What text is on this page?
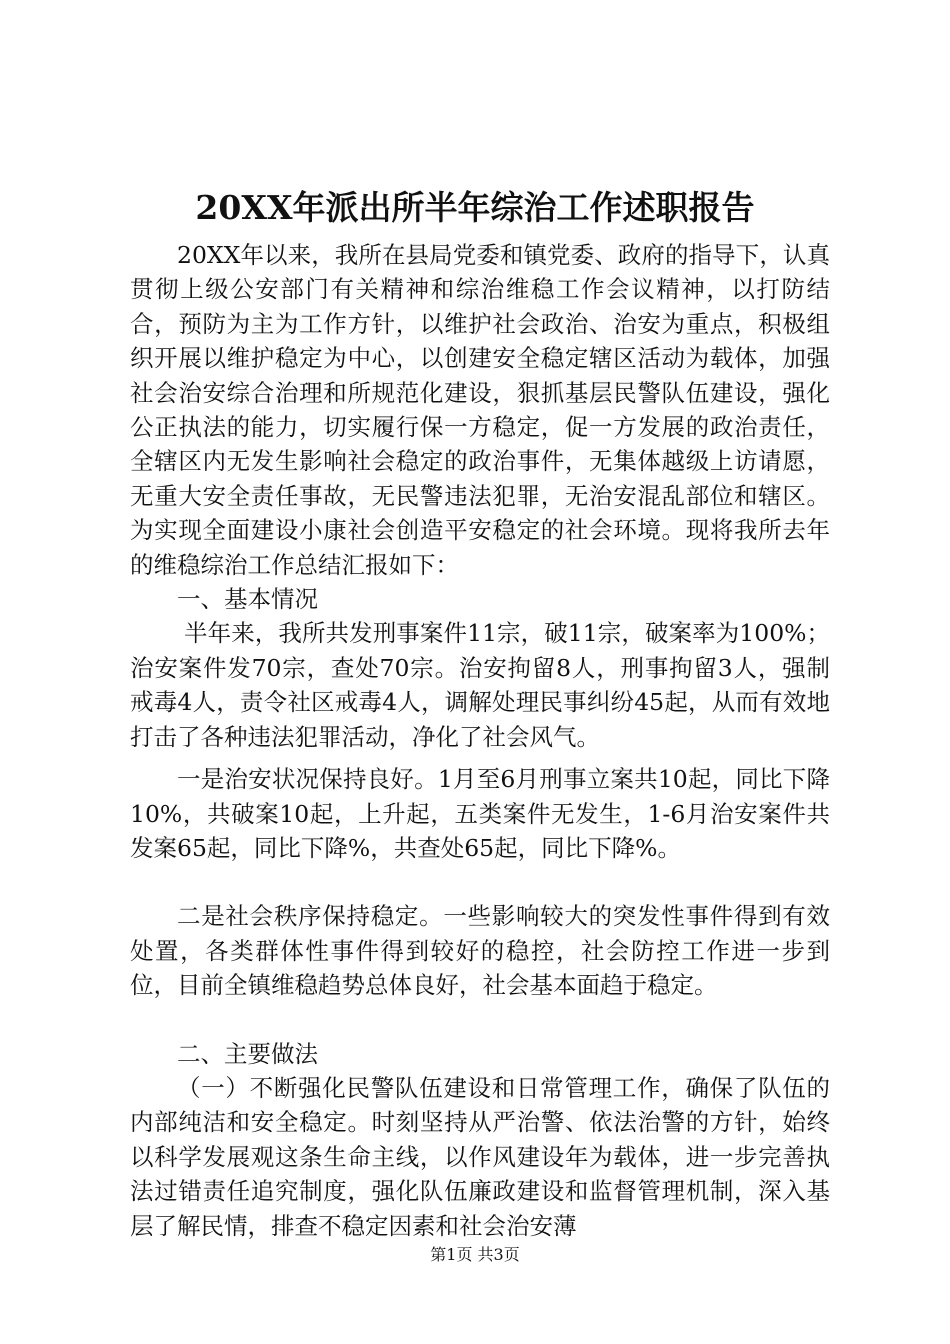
20XX年派出所半年综治工作述职报告

20XX年以来，我所在县局党委和镇党委、政府的指导下，认真贯彻上级公安部门有关精神和综治维稳工作会议精神，以打防结合，预防为主为工作方针，以维护社会政治、治安为重点，积极组织开展以维护稳定为中心，以创建安全稳定辖区活动为载体，加强社会治安综合治理和所规范化建设，狠抓基层民警队伍建设，强化公正执法的能力，切实履行保一方稳定，促一方发展的政治责任，全辖区内无发生影响社会稳定的政治事件，无集体越级上访请愿，无重大安全责任事故，无民警违法犯罪，无治安混乱部位和辖区。为实现全面建设小康社会创造平安稳定的社会环境。现将我所去年的维稳综治工作总结汇报如下：

一、基本情况

半年来，我所共发刑事案件11宗，破11宗，破案率为100%；治安案件发70宗，查处70宗。治安拘留8人，刑事拘留3人，强制戒毒4人，责令社区戒毒4人，调解处理民事纠纷45起，从而有效地打击了各种违法犯罪活动，净化了社会风气。

一是治安状况保持良好。1月至6月刑事立案共10起，同比下降10%，共破案10起，上升起，五类案件无发生，1-6月治安案件共发案65起，同比下降%，共查处65起，同比下降%。

二是社会秩序保持稳定。一些影响较大的突发性事件得到有效处置，各类群体性事件得到较好的稳控，社会防控工作进一步到位，目前全镇维稳趋势总体良好，社会基本面趋于稳定。

二、主要做法

（一）不断强化民警队伍建设和日常管理工作，确保了队伍的内部纯洁和安全稳定。时刻坚持从严治警、依法治警的方针，始终以科学发展观这条生命主线，以作风建设年为载体，进一步完善执法过错责任追究制度，强化队伍廉政建设和监督管理机制，深入基层了解民情，排查不稳定因素和社会治安薄

第1页 共3页
